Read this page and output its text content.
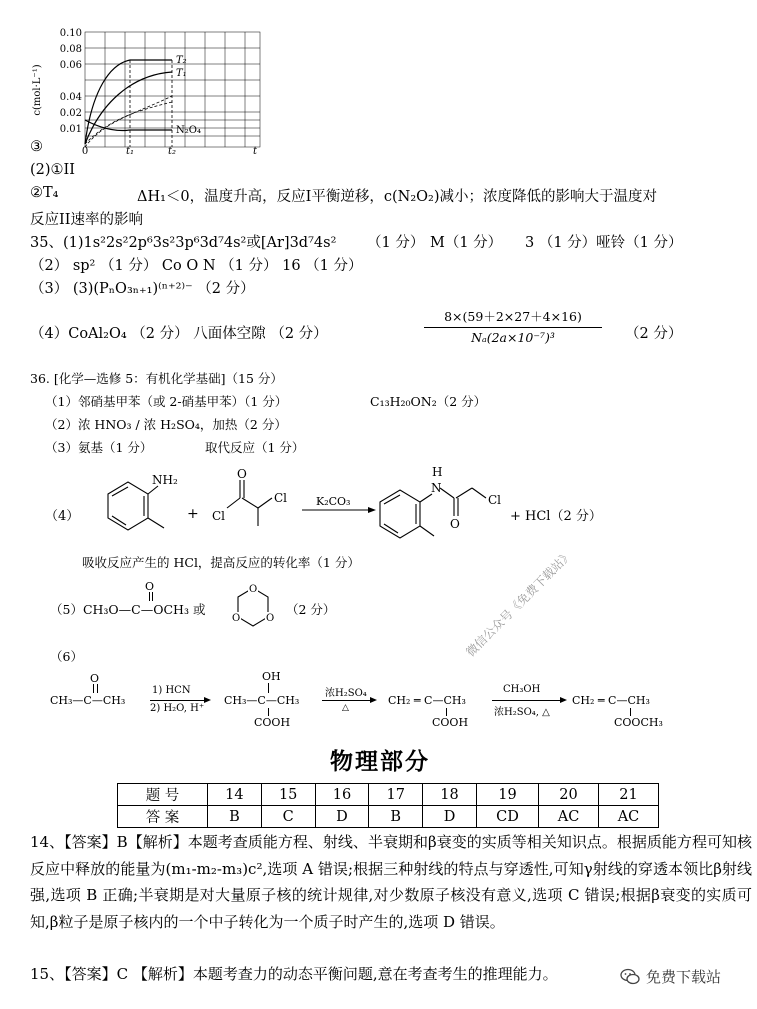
c(mol·L⁻¹)
0.10
0.08
0.06
0.04
0.02
0.01
0	t₁	t₂	t
T₂
T₁
N₂O₄
③
(2)①II
②T₄	ΔH₁＜0，温度升高，反应I平衡逆移，c(N₂O₂)减小；浓度降低的影响大于温度对
反应II速率的影响
35、(1)1s²2s²2p⁶3s²3p⁶3d⁷4s²或[Ar]3d⁷4s² （1 分） M（1 分） 3 （1 分）哑铃（1 分）
（2） sp² （1 分） Co O N （1 分） 16 （1 分）
（3） (3)(PₙO₃ₙ₊₁)⁽ⁿ⁺²⁾⁻ （2 分）
（4）CoAl₂O₄ （2 分） 八面体空隙 （2 分）	$\frac{8\times(59+2\times 27+4\times 16)}{\text{Nₐ(2a×10⁻⁷)³}} (2$ 分）
36. [化学—选修 5：有机化学基础]（15 分）
（1）邻硝基甲苯（或 2-硝基甲苯）（1 分）	C₁₃H₂₀ON₂（2 分）
（2）浓 HNO₃ / 浓 H₂SO₄，加热（2 分）
（3）氨基（1 分）	取代反应（1 分）
（4）
NH₂
+ Cl
O
Cl	K₂CO₃
H
N
O
Cl
+ HCl（2 分）
吸收反应产生的 HCl，提高反应的转化率（1 分）
（5）CH₃O—C—OCH₃ 或
O	O
O	O
（2 分）
（6）
O
CH₃—C—CH₃
1) HCN
2) H₂O, H⁺
OH
CH₃—C—CH₃
COOH
浓H₂SO₄
△
CH₂ ═ C—CH₃
COOH
CH₃OH
浓H₂SO₄, △
CH₂ ═ C—CH₃
COOCH₃
微信公众号《免费下载站》
物理部分
题 号	14	15	16	17	18	19	20	21
答 案	B	C	D	B	D	CD	AC	AC
14、【答案】B【解析】本题考查质能方程、射线、半衰期和β衰变的实质等相关知识点。根据质能方程可知核反应中释放的能量为(m₁-m₂-m₃)c²,选项 A 错误;根据三种射线的特点与穿透性,可知γ射线的穿透本领比β射线强,选项 B 正确;半衰期是对大量原子核的统计规律,对少数原子核没有意义,选项 C 错误;根据β衰变的实质可知,β粒子是原子核内的一个中子转化为一个质子时产生的,选项 D 错误。
15、【答案】C 【解析】本题考查力的动态平衡问题,意在考查考生的推理能力。	免费下载站
